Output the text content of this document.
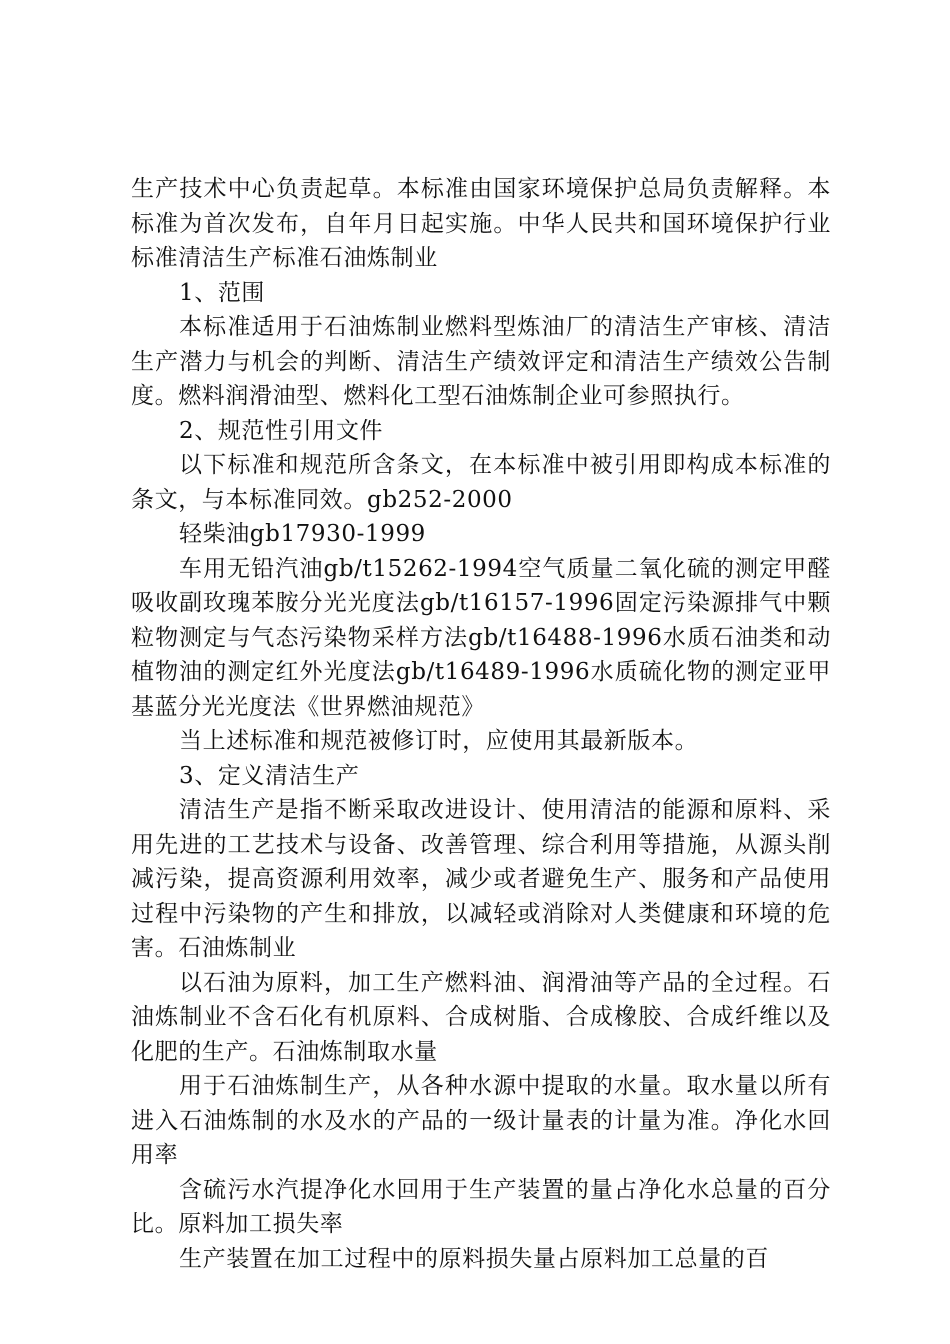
生产技术中心负责起草。本标准由国家环境保护总局负责解释。本标准为首次发布，自年月日起实施。中华人民共和国环境保护行业标准清洁生产标准石油炼制业

1、范围

本标准适用于石油炼制业燃料型炼油厂的清洁生产审核、清洁生产潜力与机会的判断、清洁生产绩效评定和清洁生产绩效公告制度。燃料润滑油型、燃料化工型石油炼制企业可参照执行。

2、规范性引用文件

以下标准和规范所含条文，在本标准中被引用即构成本标准的条文，与本标准同效。gb252-2000

轻柴油gb17930-1999

车用无铅汽油gb/t15262-1994空气质量二氧化硫的测定甲醛吸收副玫瑰苯胺分光光度法gb/t16157-1996固定污染源排气中颗粒物测定与气态污染物采样方法gb/t16488-1996水质石油类和动植物油的测定红外光度法gb/t16489-1996水质硫化物的测定亚甲基蓝分光光度法《世界燃油规范》

当上述标准和规范被修订时，应使用其最新版本。

3、定义清洁生产

清洁生产是指不断采取改进设计、使用清洁的能源和原料、采用先进的工艺技术与设备、改善管理、综合利用等措施，从源头削减污染，提高资源利用效率，减少或者避免生产、服务和产品使用过程中污染物的产生和排放，以减轻或消除对人类健康和环境的危害。石油炼制业

以石油为原料，加工生产燃料油、润滑油等产品的全过程。石油炼制业不含石化有机原料、合成树脂、合成橡胶、合成纤维以及化肥的生产。石油炼制取水量

用于石油炼制生产，从各种水源中提取的水量。取水量以所有进入石油炼制的水及水的产品的一级计量表的计量为准。净化水回用率

含硫污水汽提净化水回用于生产装置的量占净化水总量的百分比。原料加工损失率

生产装置在加工过程中的原料损失量占原料加工总量的百
